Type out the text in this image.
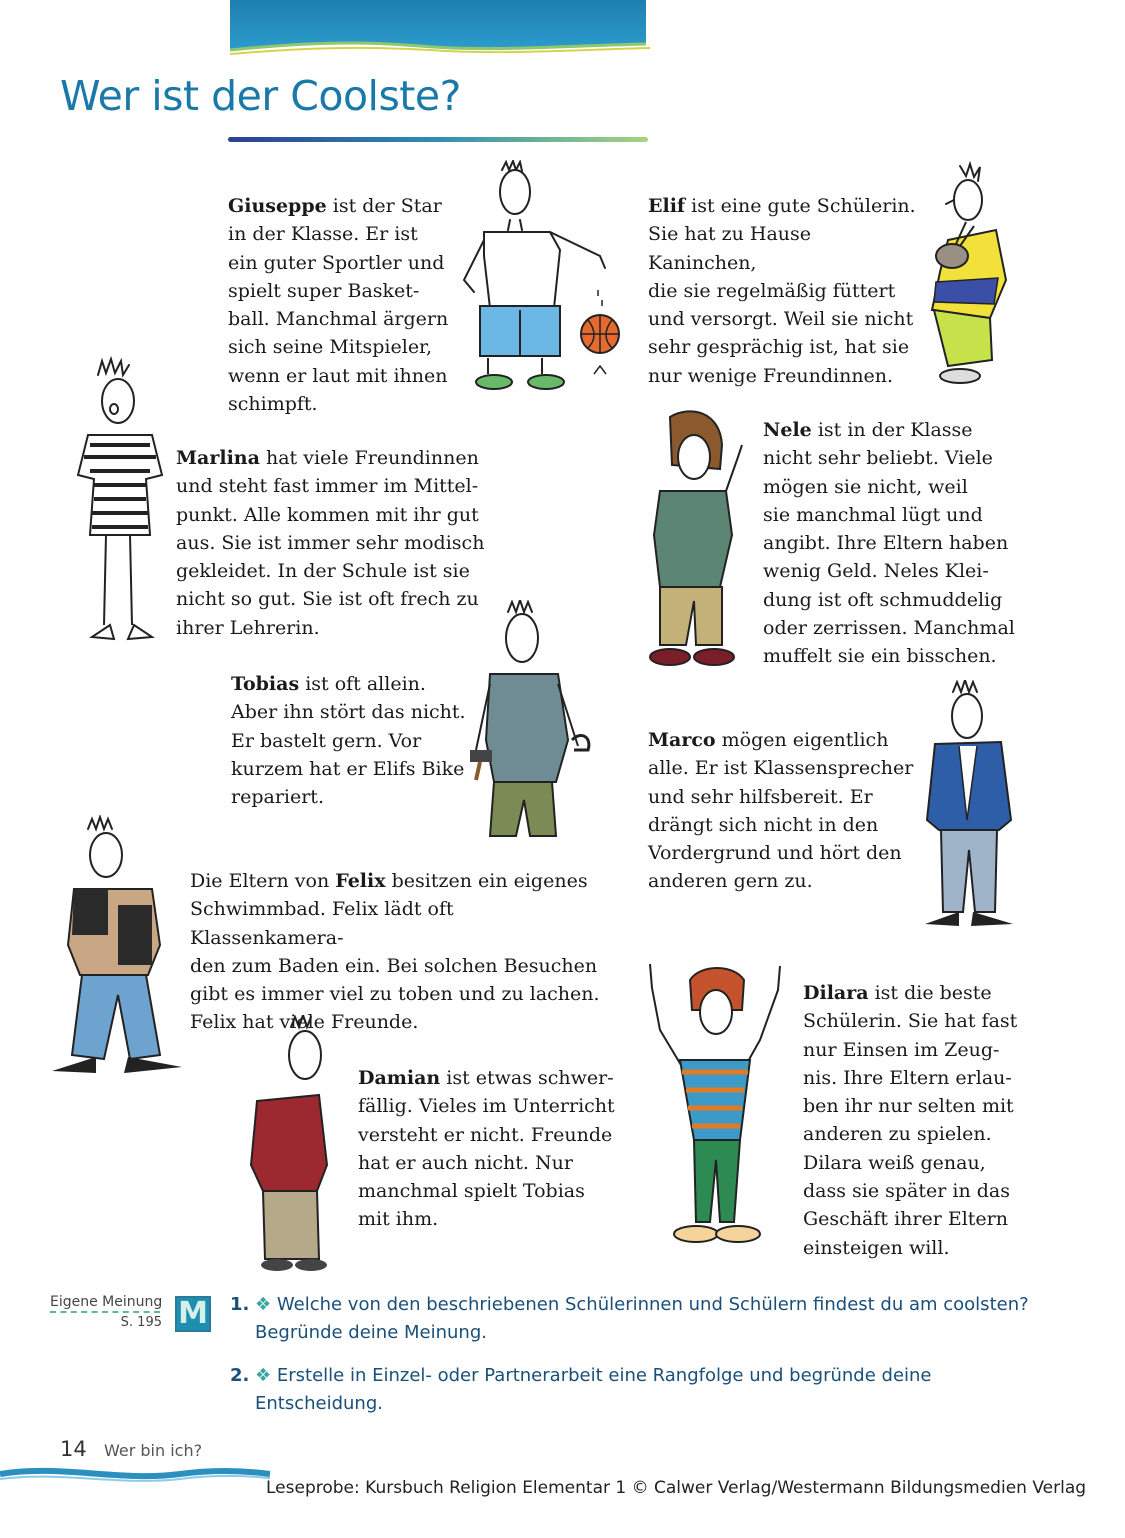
Wer ist der Coolste?
Giuseppe ist der Star
in der Klasse. Er ist
ein guter Sportler und
spielt super Basket-
ball. Manchmal ärgern
sich seine Mitspieler,
wenn er laut mit ihnen
schimpft.
Elif ist eine gute Schülerin.
Sie hat zu Hause Kaninchen,
die sie regelmäßig füttert
und versorgt. Weil sie nicht
sehr gesprächig ist, hat sie
nur wenige Freundinnen.
Nele ist in der Klasse
nicht sehr beliebt. Viele
mögen sie nicht, weil
sie manchmal lügt und
angibt. Ihre Eltern haben
wenig Geld. Neles Klei-
dung ist oft schmuddelig
oder zerrissen. Manchmal
muffelt sie ein bisschen.
Marlina hat viele Freundinnen
und steht fast immer im Mittel-
punkt. Alle kommen mit ihr gut
aus. Sie ist immer sehr modisch
gekleidet. In der Schule ist sie
nicht so gut. Sie ist oft frech zu
ihrer Lehrerin.
Tobias ist oft allein.
Aber ihn stört das nicht.
Er bastelt gern. Vor
kurzem hat er Elifs Bike
repariert.
Marco mögen eigentlich
alle. Er ist Klassensprecher
und sehr hilfsbereit. Er
drängt sich nicht in den
Vordergrund und hört den
anderen gern zu.
Die Eltern von Felix besitzen ein eigenes
Schwimmbad. Felix lädt oft Klassenkamera-
den zum Baden ein. Bei solchen Besuchen
gibt es immer viel zu toben und zu lachen.
Felix hat viele Freunde.
Damian ist etwas schwer-
fällig. Vieles im Unterricht
versteht er nicht. Freunde
hat er auch nicht. Nur
manchmal spielt Tobias
mit ihm.
Dilara ist die beste
Schülerin. Sie hat fast
nur Einsen im Zeug-
nis. Ihre Eltern erlau-
ben ihr nur selten mit
anderen zu spielen.
Dilara weiß genau,
dass sie später in das
Geschäft ihrer Eltern
einsteigen will.
Eigene Meinung
S. 195 M 1. ❖ Welche von den beschriebenen Schülerinnen und Schülern findest du am coolsten?
Begründe deine Meinung.
2. ❖ Erstelle in Einzel- oder Partnerarbeit eine Rangfolge und begründe deine
Entscheidung.
14 Wer bin ich?
Leseprobe: Kursbuch Religion Elementar 1 © Calwer Verlag/Westermann Bildungsmedien Verlag
